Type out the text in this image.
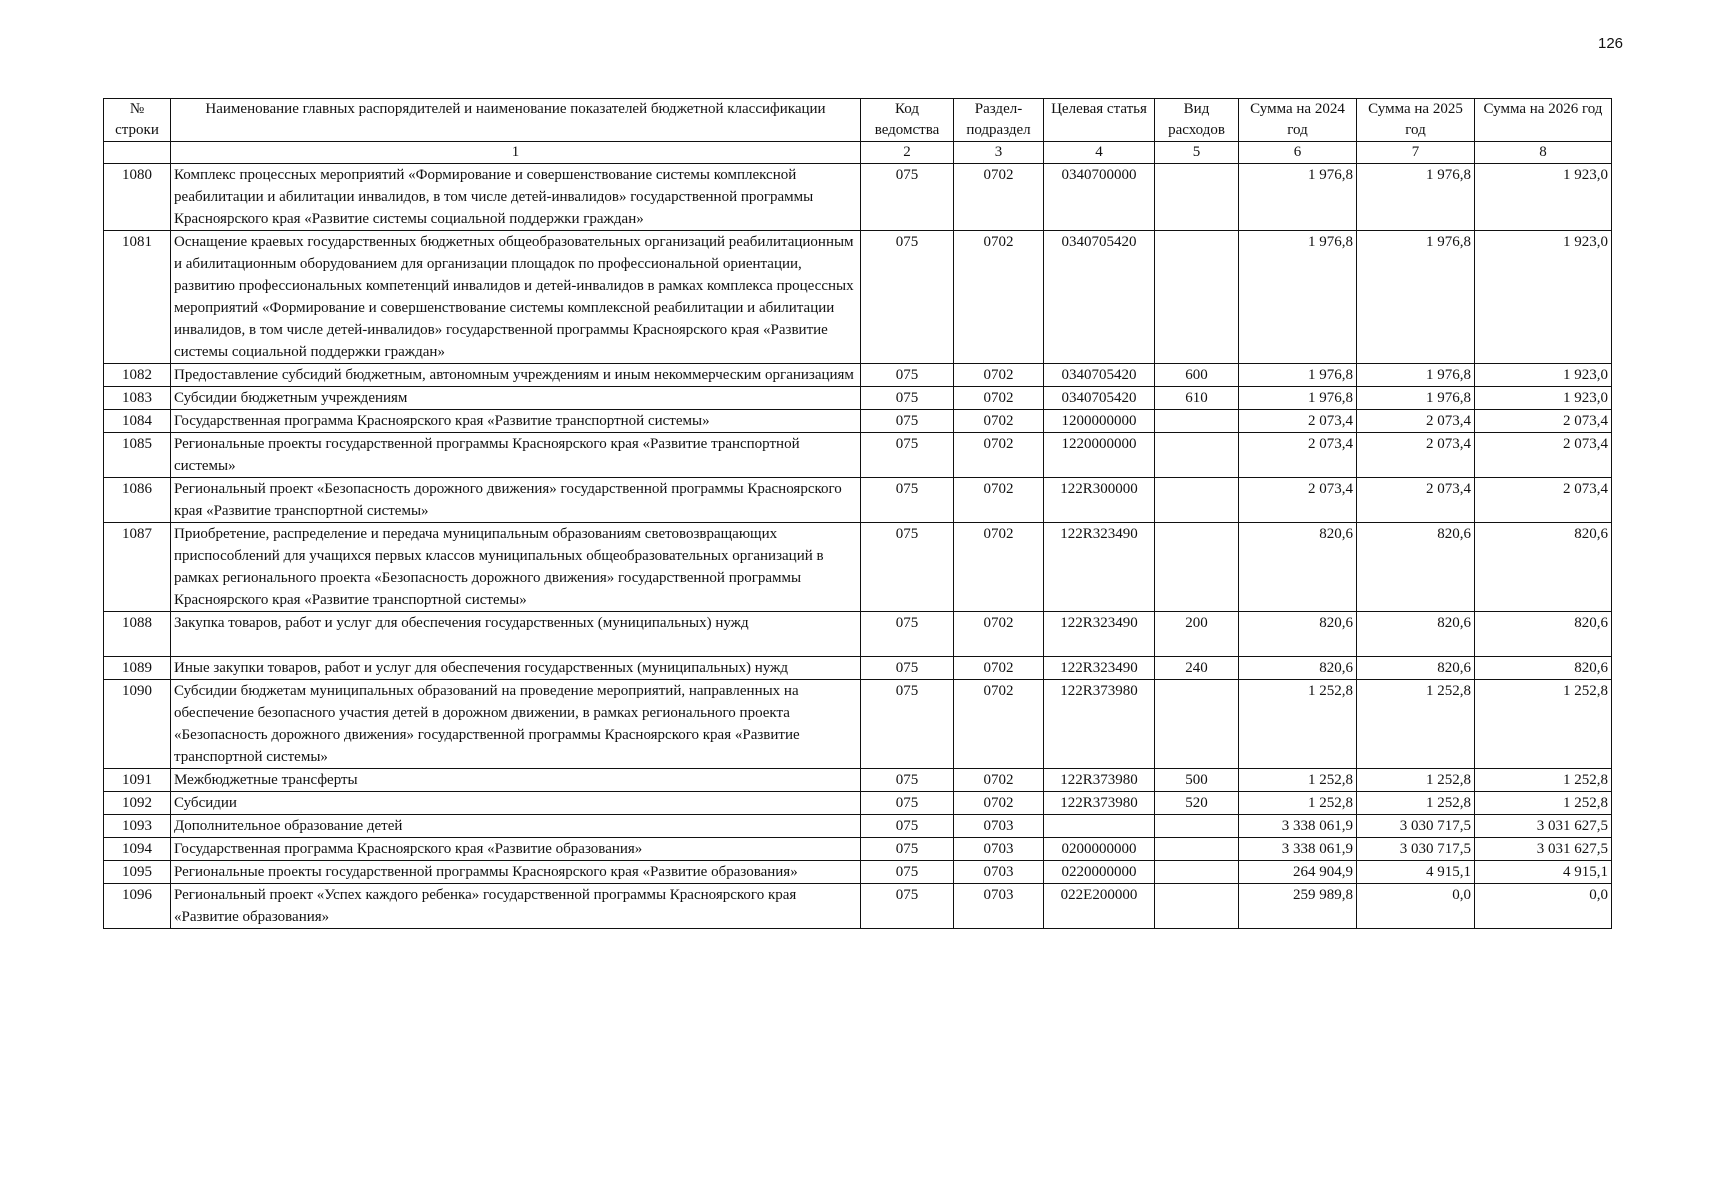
126
№ строки	Наименование главных распорядителей и наименование показателей бюджетной классификации	Код ведомства	Раздел-подраздел	Целевая статья	Вид расходов	Сумма на 2024 год	Сумма на 2025 год	Сумма на 2026 год
	1	2	3	4	5	6	7	8
1080	Комплекс процессных мероприятий «Формирование и совершенствование системы комплексной реабилитации и абилитации инвалидов, в том числе детей-инвалидов» государственной программы Красноярского края «Развитие системы социальной поддержки граждан»	075	0702	0340700000		1 976,8	1 976,8	1 923,0
1081	Оснащение краевых государственных бюджетных общеобразовательных организаций реабилитационным и абилитационным оборудованием для организации площадок по профессиональной ориентации, развитию профессиональных компетенций инвалидов и детей-инвалидов в рамках комплекса процессных мероприятий «Формирование и совершенствование системы комплексной реабилитации и абилитации инвалидов, в том числе детей-инвалидов» государственной программы Красноярского края «Развитие системы социальной поддержки граждан»	075	0702	0340705420		1 976,8	1 976,8	1 923,0
1082	Предоставление субсидий бюджетным, автономным учреждениям и иным некоммерческим организациям	075	0702	0340705420	600	1 976,8	1 976,8	1 923,0
1083	Субсидии бюджетным учреждениям	075	0702	0340705420	610	1 976,8	1 976,8	1 923,0
1084	Государственная программа Красноярского края «Развитие транспортной системы»	075	0702	1200000000		2 073,4	2 073,4	2 073,4
1085	Региональные проекты государственной программы Красноярского края «Развитие транспортной системы»	075	0702	1220000000		2 073,4	2 073,4	2 073,4
1086	Региональный проект «Безопасность дорожного движения» государственной программы Красноярского края «Развитие транспортной системы»	075	0702	122R300000		2 073,4	2 073,4	2 073,4
1087	Приобретение, распределение и передача муниципальным образованиям световозвращающих приспособлений для учащихся первых классов муниципальных общеобразовательных организаций в рамках регионального проекта «Безопасность дорожного движения» государственной программы Красноярского края «Развитие транспортной системы»	075	0702	122R323490		820,6	820,6	820,6
1088	Закупка товаров, работ и услуг для обеспечения государственных (муниципальных) нужд	075	0702	122R323490	200	820,6	820,6	820,6
1089	Иные закупки товаров, работ и услуг для обеспечения государственных (муниципальных) нужд	075	0702	122R323490	240	820,6	820,6	820,6
1090	Субсидии бюджетам муниципальных образований на проведение мероприятий, направленных на обеспечение безопасного участия детей в дорожном движении, в рамках регионального проекта «Безопасность дорожного движения» государственной программы Красноярского края «Развитие транспортной системы»	075	0702	122R373980		1 252,8	1 252,8	1 252,8
1091	Межбюджетные трансферты	075	0702	122R373980	500	1 252,8	1 252,8	1 252,8
1092	Субсидии	075	0702	122R373980	520	1 252,8	1 252,8	1 252,8
1093	Дополнительное образование детей	075	0703			3 338 061,9	3 030 717,5	3 031 627,5
1094	Государственная программа Красноярского края «Развитие образования»	075	0703	0200000000		3 338 061,9	3 030 717,5	3 031 627,5
1095	Региональные проекты государственной программы Красноярского края «Развитие образования»	075	0703	0220000000		264 904,9	4 915,1	4 915,1
1096	Региональный проект «Успех каждого ребенка» государственной программы Красноярского края «Развитие образования»	075	0703	022E200000		259 989,8	0,0	0,0
